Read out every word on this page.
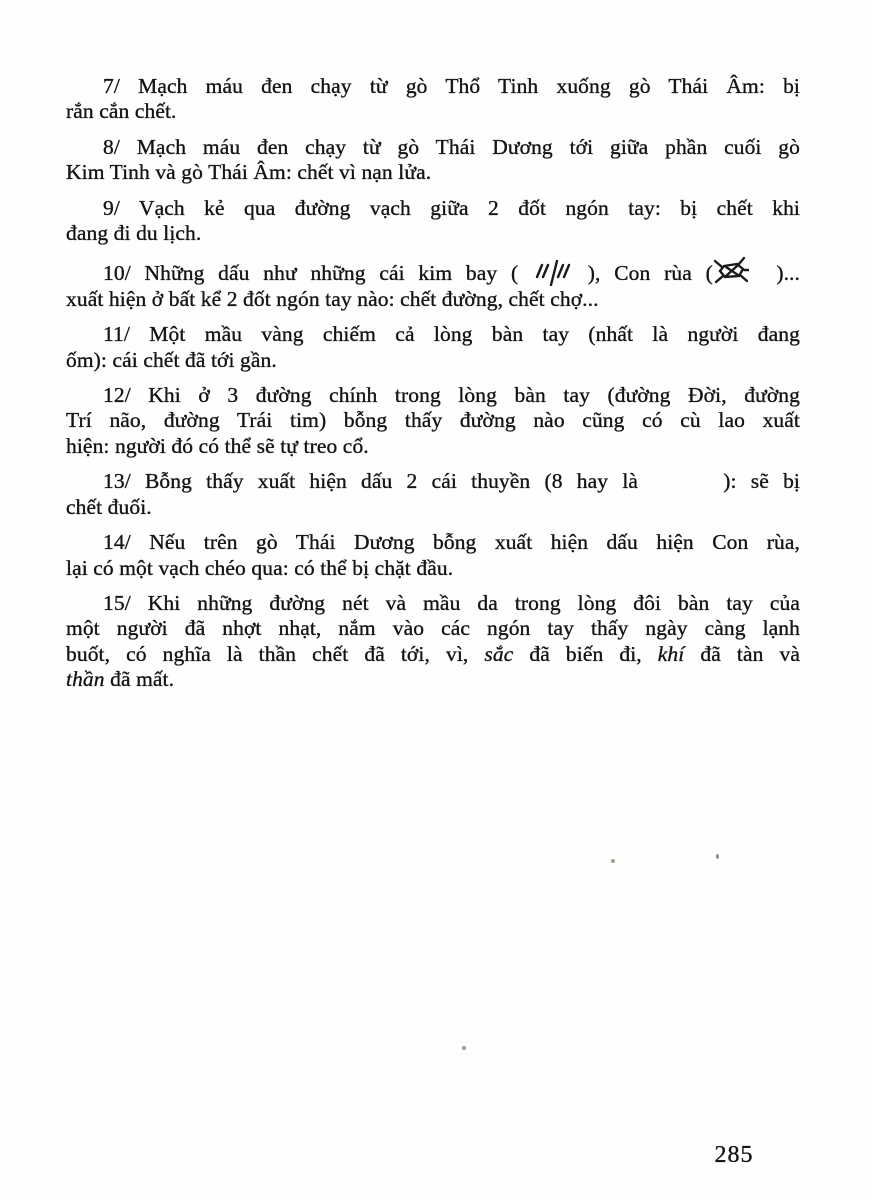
7/ Mạch máu đen chạy từ gò Thổ Tinh xuống gò Thái Âm: bị
rắn cắn chết.
8/ Mạch máu đen chạy từ gò Thái Dương tới giữa phần cuối gò
Kim Tinh và gò Thái Âm: chết vì nạn lửa.
9/ Vạch kẻ qua đường vạch giữa 2 đốt ngón tay: bị chết khi
đang đi du lịch.
10/ Những dấu như những cái kim bay (
), Con rùa (
)...
xuất hiện ở bất kể 2 đốt ngón tay nào: chết đường, chết chợ...
11/ Một mầu vàng chiếm cả lòng bàn tay (nhất là người đang
ốm): cái chết đã tới gần.
12/ Khi ở 3 đường chính trong lòng bàn tay (đường Đời, đường
Trí não, đường Trái tim) bỗng thấy đường nào cũng có cù lao xuất
hiện: người đó có thể sẽ tự treo cổ.
13/ Bỗng thấy xuất hiện dấu 2 cái thuyền (8 hay là      ): sẽ bị
chết đuối.
14/ Nếu trên gò Thái Dương bỗng xuất hiện dấu hiện Con rùa,
lại có một vạch chéo qua: có thể bị chặt đầu.
15/ Khi những đường nét và mầu da trong lòng đôi bàn tay của
một người đã nhợt nhạt, nắm vào các ngón tay thấy ngày càng lạnh
buốt, có nghĩa là thần chết đã tới, vì, sắc đã biến đi, khí đã tàn và
thần đã mất.
285
